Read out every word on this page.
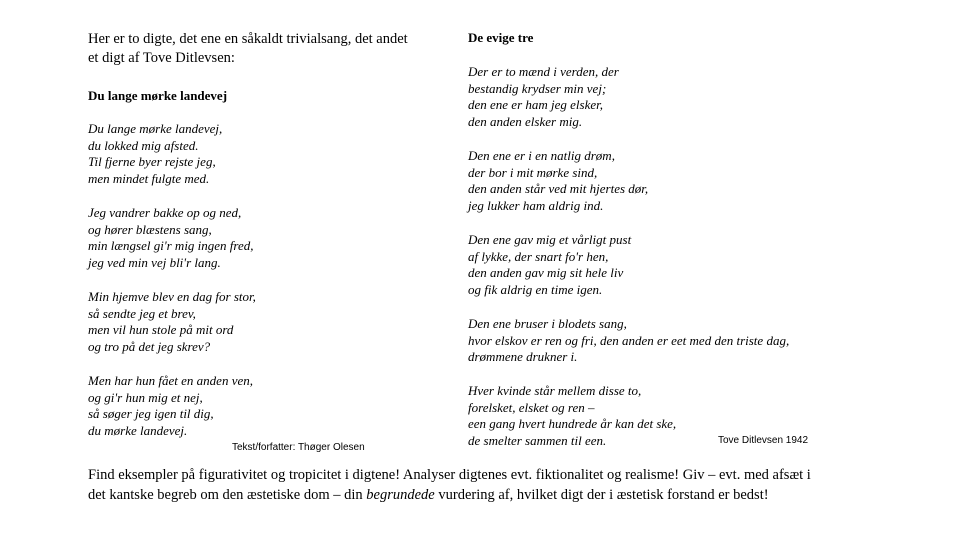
Her er to digte, det ene en såkaldt trivialsang, det andet et digt af Tove Ditlevsen:
Du lange mørke landevej
Du lange mørke landevej,
du lokked mig afsted.
Til fjerne byer rejste jeg,
men mindet fulgte med.
Jeg vandrer bakke op og ned,
og hører blæstens sang,
min længsel gi'r mig ingen fred,
jeg ved min vej bli'r lang.
Min hjemve blev en dag for stor,
så sendte jeg et brev,
men vil hun stole på mit ord
og tro på det jeg skrev?
Men har hun fået en anden ven,
og gi'r hun mig et nej,
så søger jeg igen til dig,
du mørke landevej.
Tekst/forfatter: Thøger Olesen
De evige tre
Der er to mænd i verden, der
bestandig krydser min vej;
den ene er ham jeg elsker,
den anden elsker mig.
Den ene er i en natlig drøm,
der bor i mit mørke sind,
den anden står ved mit hjertes dør,
jeg lukker ham aldrig ind.
Den ene gav mig et vårligt pust
af lykke, der snart fo'r hen,
den anden gav mig sit hele liv
og fik aldrig en time igen.
Den ene bruser i blodets sang,
hvor elskov er ren og fri, den anden er eet med den triste dag,
drømmene drukner i.
Hver kvinde står mellem disse to,
forelsket, elsket og ren –
een gang hvert hundrede år kan det ske,
de smelter sammen til een.	Tove Ditlevsen 1942
Find eksempler på figurativitet og tropicitet i digtene! Analyser digtenes evt. fiktionalitet og realisme! Giv – evt. med afsæt i det kantske begreb om den æstetiske dom – din begrundede vurdering af, hvilket digt der i æstetisk forstand er bedst!
